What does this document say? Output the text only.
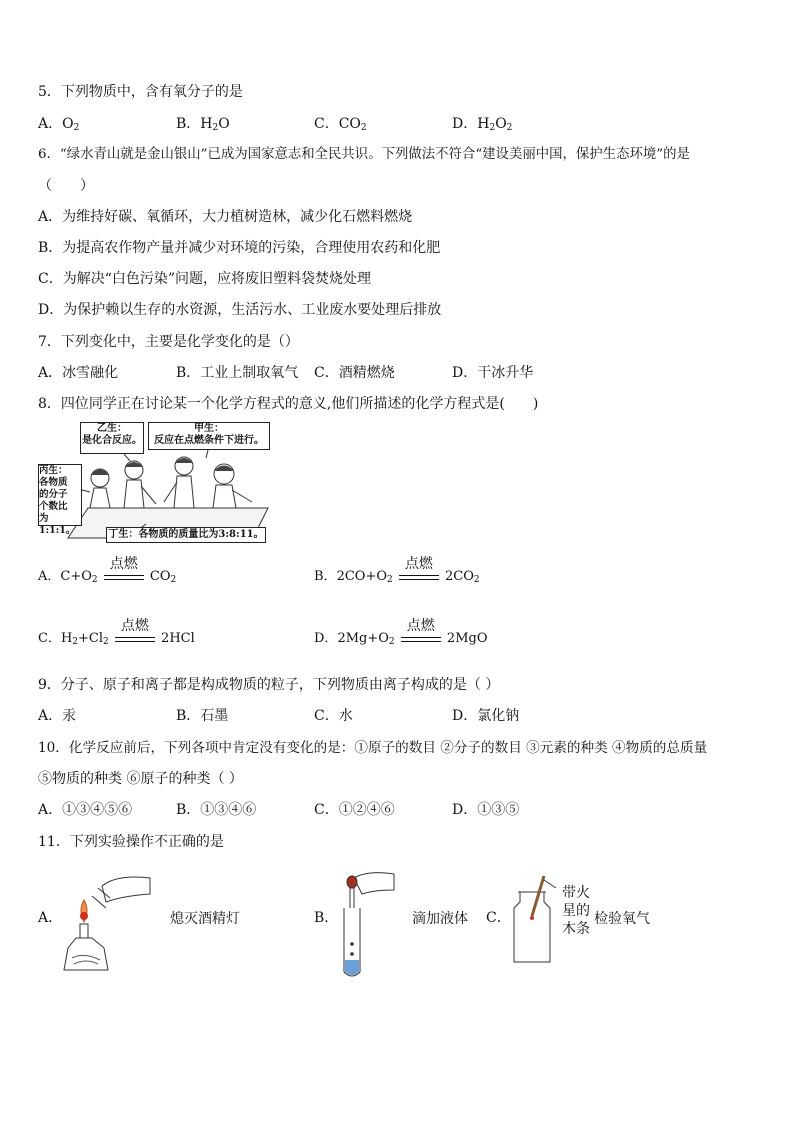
5．下列物质中，含有氧分子的是
A．$O_2$	B．$H_2O$	C．$CO_2$	D．$H_2O_2$
6．“绿水青山就是金山银山”已成为国家意志和全民共识。下列做法不符合“建设美丽中国，保护生态环境”的是
（　　）
A．为维持好碳、氧循环，大力植树造林，减少化石燃料燃烧
B．为提高农作物产量并减少对环境的污染，合理使用农药和化肥
C．为解决“白色污染”问题，应将废旧塑料袋焚烧处理
D．为保护赖以生存的水资源，生活污水、工业废水要处理后排放
7．下列变化中，主要是化学变化的是（）
A．冰雪融化	B．工业上制取氧气 C．酒精燃烧	D．干冰升华
8．四位同学正在讨论某一个化学方程式的意义,他们所描述的化学方程式是(　　)
乙生：
是化合反应。
甲生：
反应在点燃条件下进行。
丙生：
各物质
的分子
个数比
为1:1:1。	丁生：各物质的质量比为3:8:11。
A．$C+O_2$
点燃
$CO_2$	B．$2CO+O_2$
点燃
$2CO_2$
C．$H_2+Cl_2$
点燃
2HCl	D．$2Mg+O_2$
点燃
2MgO
9．分子、原子和离子都是构成物质的粒子，下列物质由离子构成的是（ ）
A．汞	B．石墨	C．水	D．氯化钠
10．化学反应前后，下列各项中肯定没有变化的是：①原子的数目 ②分子的数目 ③元素的种类 ④物质的总质量
⑤物质的种类 ⑥原子的种类（ ）
A．①③④⑤⑥	B．①③④⑥	C．①②④⑥	D．①③⑤
11．下列实验操作不正确的是
A．	熄灭酒精灯	B．	滴加液体 C．
带火
星的
木条
检验氧气
